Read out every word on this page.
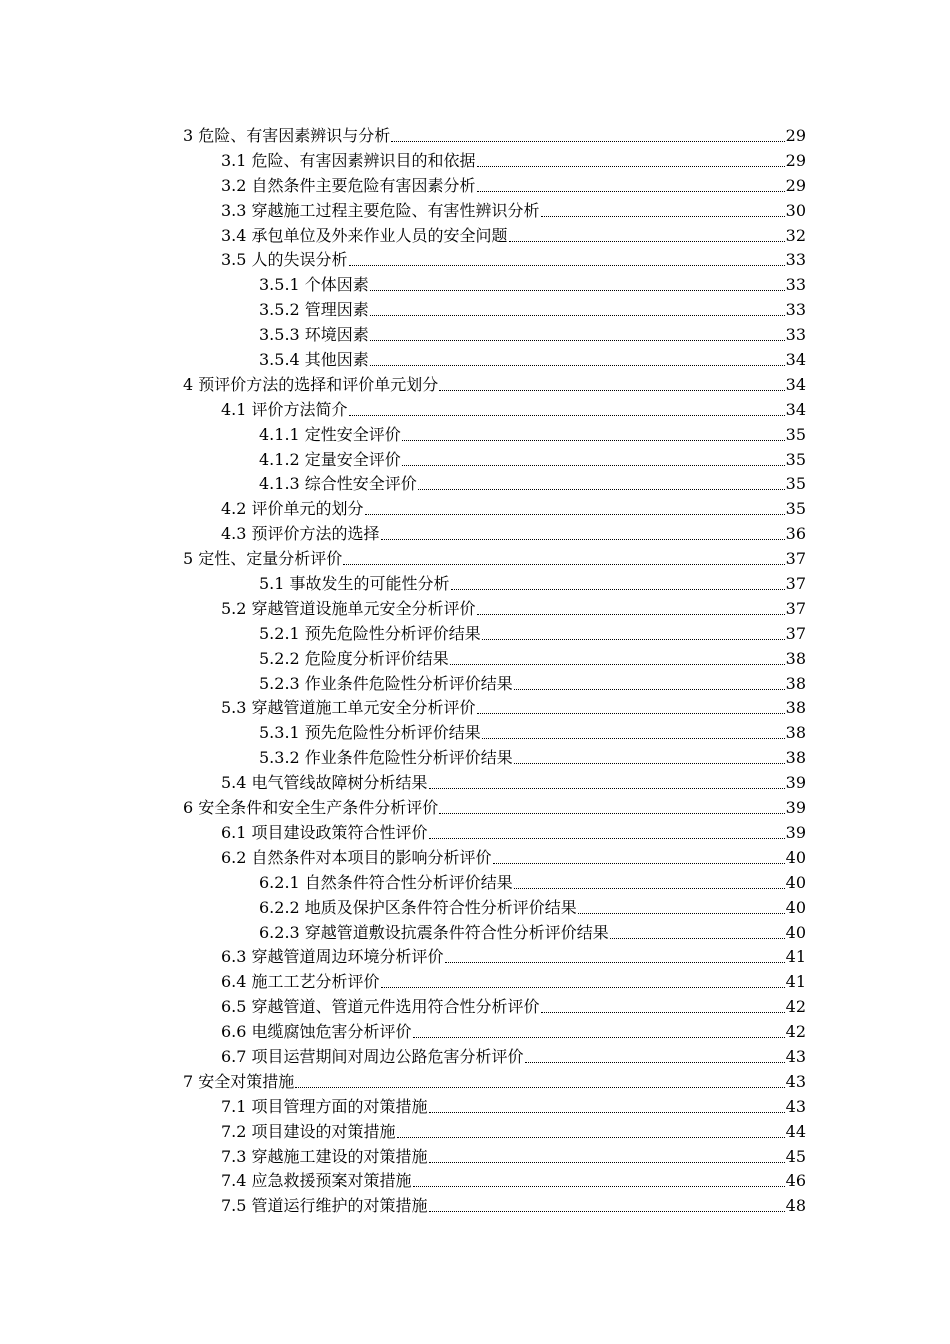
3 危险、有害因素辨识与分析	29
3.1 危险、有害因素辨识目的和依据	29
3.2 自然条件主要危险有害因素分析	29
3.3 穿越施工过程主要危险、有害性辨识分析	30
3.4 承包单位及外来作业人员的安全问题	32
3.5 人的失误分析	33
3.5.1 个体因素	33
3.5.2 管理因素	33
3.5.3 环境因素	33
3.5.4 其他因素	34
4 预评价方法的选择和评价单元划分	34
4.1 评价方法简介	34
4.1.1 定性安全评价	35
4.1.2 定量安全评价	35
4.1.3 综合性安全评价	35
4.2 评价单元的划分	35
4.3 预评价方法的选择	36
5 定性、定量分析评价	37
5.1 事故发生的可能性分析	37
5.2 穿越管道设施单元安全分析评价	37
5.2.1 预先危险性分析评价结果	37
5.2.2 危险度分析评价结果	38
5.2.3 作业条件危险性分析评价结果	38
5.3 穿越管道施工单元安全分析评价	38
5.3.1 预先危险性分析评价结果	38
5.3.2 作业条件危险性分析评价结果	38
5.4 电气管线故障树分析结果	39
6 安全条件和安全生产条件分析评价	39
6.1 项目建设政策符合性评价	39
6.2 自然条件对本项目的影响分析评价	40
6.2.1 自然条件符合性分析评价结果	40
6.2.2 地质及保护区条件符合性分析评价结果	40
6.2.3 穿越管道敷设抗震条件符合性分析评价结果	40
6.3 穿越管道周边环境分析评价	41
6.4 施工工艺分析评价	41
6.5 穿越管道、管道元件选用符合性分析评价	42
6.6 电缆腐蚀危害分析评价	42
6.7 项目运营期间对周边公路危害分析评价	43
7 安全对策措施	43
7.1 项目管理方面的对策措施	43
7.2 项目建设的对策措施	44
7.3 穿越施工建设的对策措施	45
7.4 应急救援预案对策措施	46
7.5 管道运行维护的对策措施	48
